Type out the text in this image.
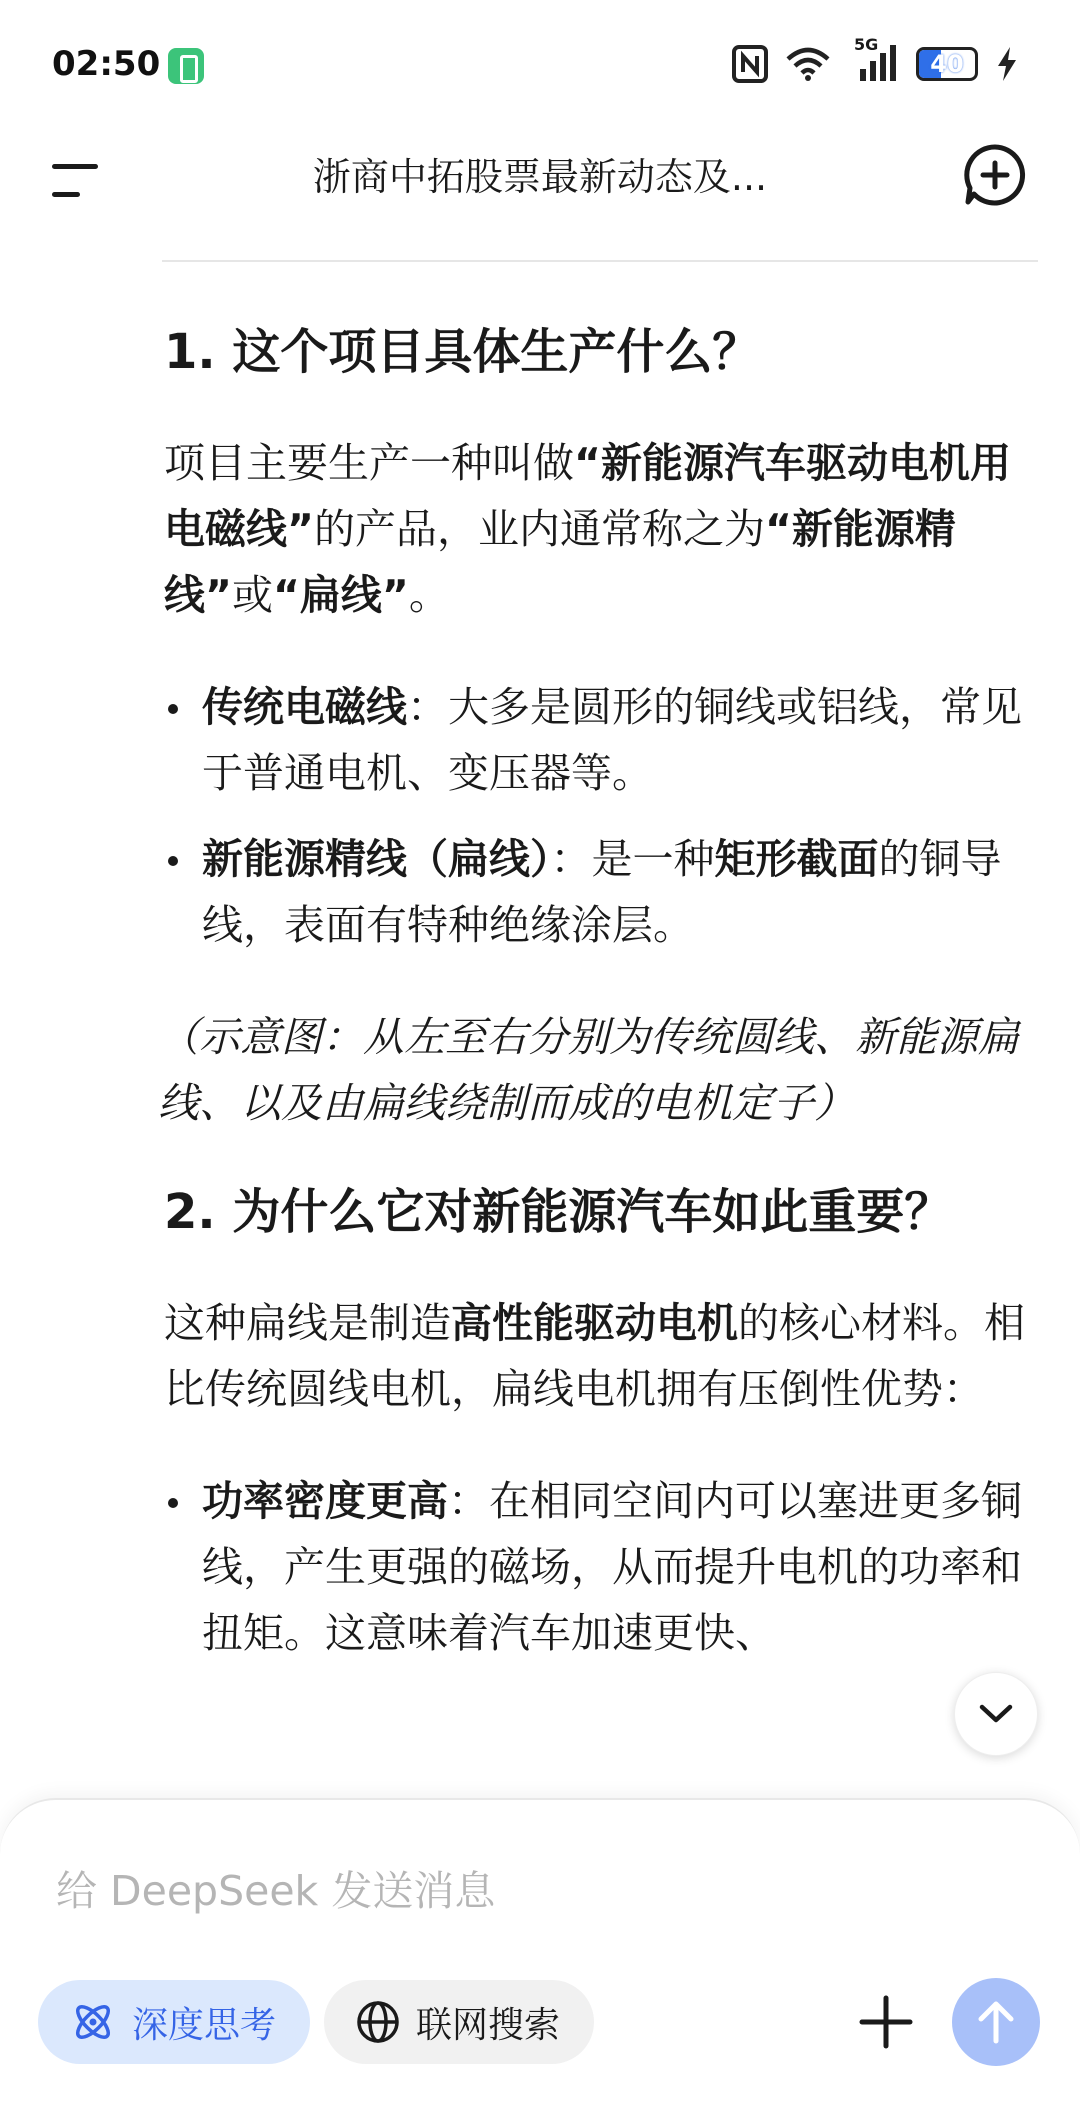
02:50	5G
40
浙商中拓股票最新动态及...
1. 这个项目具体生产什么？
项目主要生产一种叫做“新能源汽车驱动电机用电磁线”的产品，业内通常称之为“新能源精线”或“扁线”。
传统电磁线：大多是圆形的铜线或铝线，常见于普通电机、变压器等。
新能源精线（扁线）：是一种矩形截面的铜导线，表面有特种绝缘涂层。
（示意图：从左至右分别为传统圆线、新能源扁线、以及由扁线绕制而成的电机定子）
2. 为什么它对新能源汽车如此重要？
这种扁线是制造高性能驱动电机的核心材料。相比传统圆线电机，扁线电机拥有压倒性优势：
功率密度更高：在相同空间内可以塞进更多铜线，产生更强的磁场，从而提升电机的功率和扭矩。这意味着汽车加速更快、
给 DeepSeek 发送消息
深度思考	联网搜索
